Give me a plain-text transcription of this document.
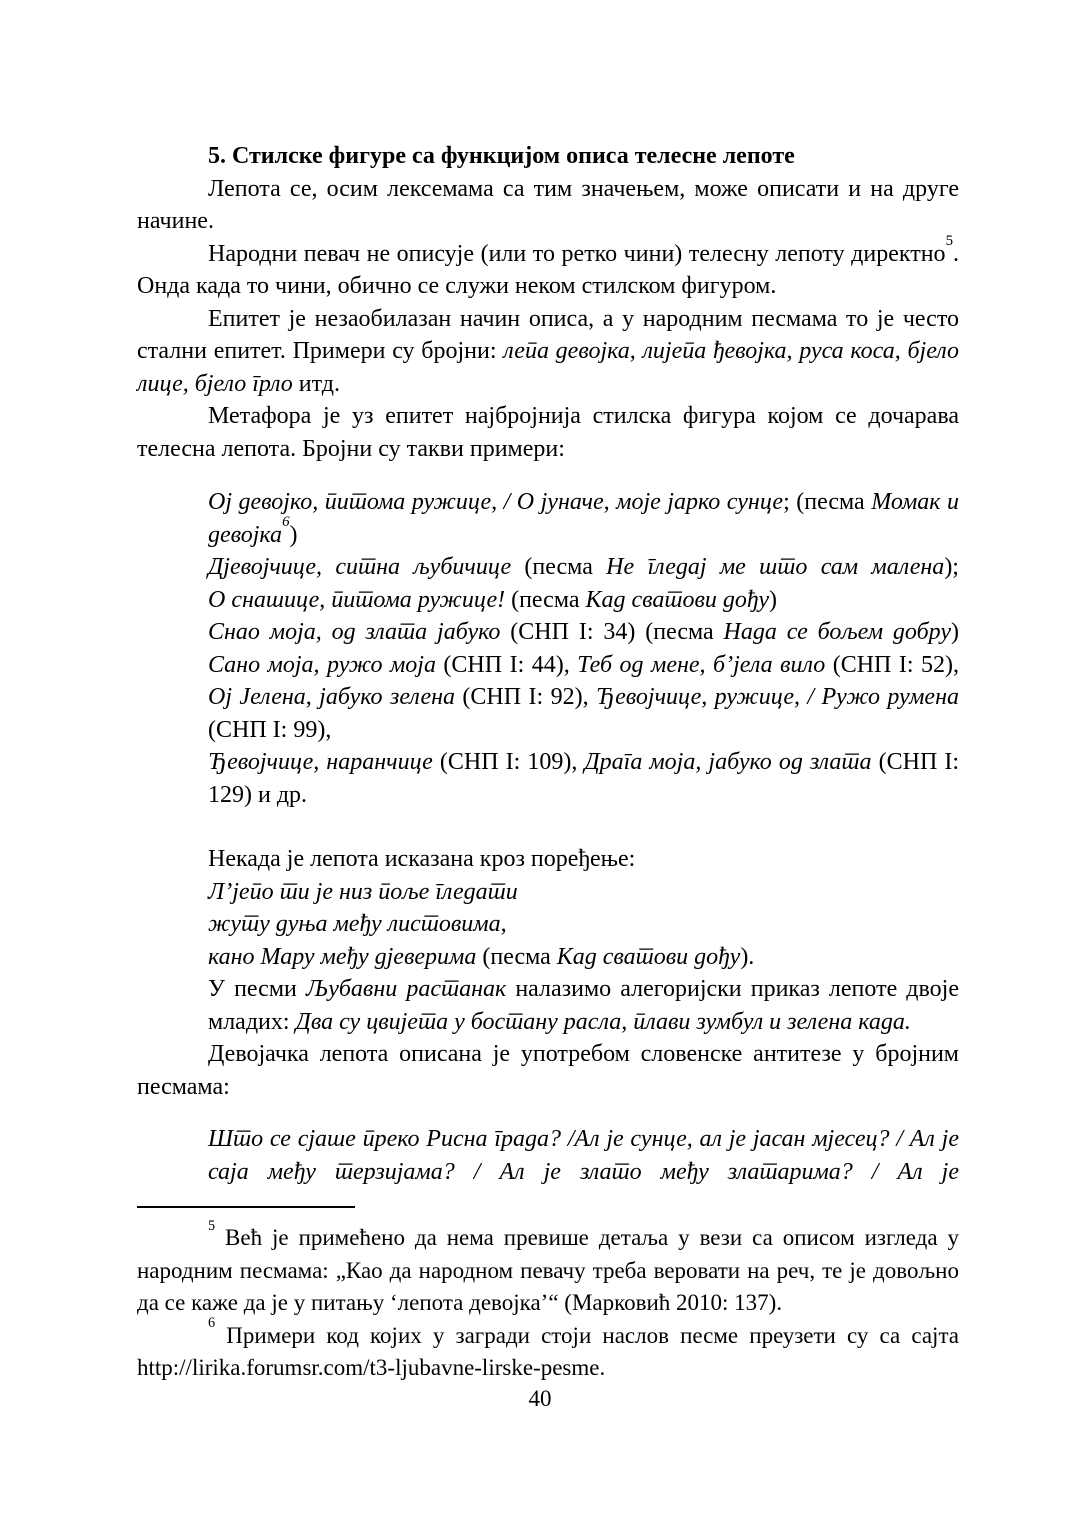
5. Стилске фигуре са функцијом описа телесне лепоте
Лепота се, осим лексемама са тим значењем, може описати и на друге начине.
Народни певач не описује (или то ретко чини) телесну лепоту директно$^5$. Онда када то чини, обично се служи неком стилском фигуром.
Епитет је незаобилазан начин описа, а у народним песмама то је често стални епитет. Примери су бројни: лепа девојка, лијепа ђевојка, руса коса, бјело лице, бјело грло итд.
Метафора је уз епитет најбројнија стилска фигура којом се дочарава телесна лепота. Бројни су такви примери:
Ој девојко, питома ружице, / О јуначе, моје јарко сунце; (песма Момак и девојка$^6$)
Дјевојчице, ситна љубичице (песма Не гледај ме што сам малена);
О снашице, питома ружице! (песма Кад сватови дођу)
Снао моја, од злата јабуко (СНП I: 34) (песма Нада се бољем добру)
Сано моја, ружо моја (СНП I: 44), Теб од мене, б’јела вило (СНП I: 52),
Ој Јелена, јабуко зелена (СНП I: 92), Ђевојчице, ружице, / Ружо румена (СНП I: 99),
Ђевојчице, наранчице (СНП I: 109), Драга моја, јабуко од злата (СНП I: 129) и др.
Некада је лепота исказана кроз поређење:
Л’јепо ти је низ поље гледати
жуту дуња међу листовима,
кано Мару међу дјеверима (песма Кад сватови дођу).
У песми Љубавни растанак налазимо алегоријски приказ лепоте двоје младих: Два су цвијета у бостану расла, плави зумбул и зелена када.
Девојачка лепота описана је употребом словенске антитезе у бројним песмама:
Што се сјаше преко Рисна града? /Ал је сунце, ал је јасан мјесец? / Ал је саја међу терзијама? / Ал је злато међу златарима? / Ал је
$^5$ Већ је примећено да нема превише детаља у вези са описом изгледа у народним песмама: „Као да народном певачу треба веровати на реч, те је довољно да се каже да је у питању ‘лепота девојка’“ (Марковић 2010: 137).
$^6$ Примери код којих у загради стоји наслов песме преузети су са сајта http://lirika.forumsr.com/t3-ljubavne-lirske-pesme.
40
